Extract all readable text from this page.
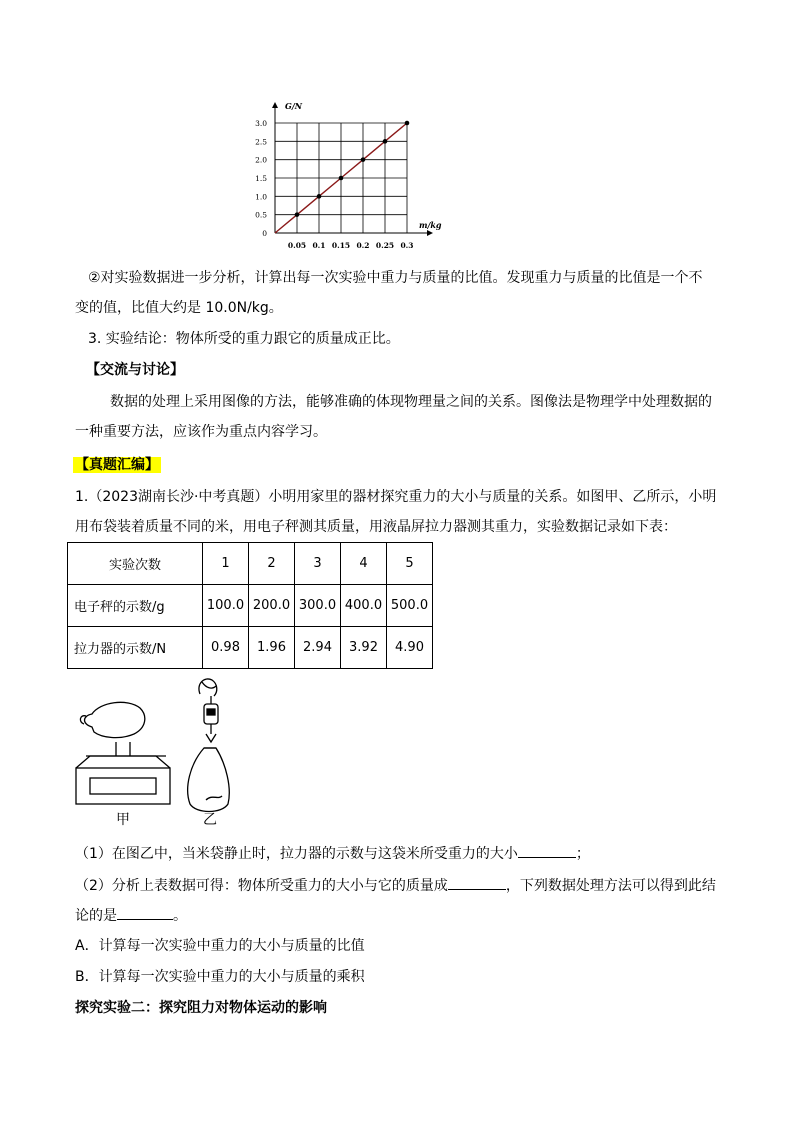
0.05 0.1 0.15 0.2 0.25 0.3
0
0.5
1.0
1.5
2.0
2.5
3.0
G/N
m/kg
②对实验数据进一步分析，计算出每一次实验中重力与质量的比值。发现重力与质量的比值是一个不
变的值，比值大约是 10.0N/kg。
3. 实验结论：物体所受的重力跟它的质量成正比。
【交流与讨论】
数据的处理上采用图像的方法，能够准确的体现物理量之间的关系。图像法是物理学中处理数据的
一种重要方法，应该作为重点内容学习。
【真题汇编】
1.（2023湖南长沙·中考真题）小明用家里的器材探究重力的大小与质量的关系。如图甲、乙所示，小明
用布袋装着质量不同的米，用电子秤测其质量，用液晶屏拉力器测其重力，实验数据记录如下表：
实验次数	1	2	3	4	5
电子秤的示数/g	100.0	200.0	300.0	400.0	500.0
拉力器的示数/N	0.98	1.96	2.94	3.92	4.90
甲	乙
（1）在图乙中，当米袋静止时，拉力器的示数与这袋米所受重力的大小	；
（2）分析上表数据可得：物体所受重力的大小与它的质量成	，下列数据处理方法可以得到此结
论的是	。
A．计算每一次实验中重力的大小与质量的比值
B．计算每一次实验中重力的大小与质量的乘积
探究实验二：探究阻力对物体运动的影响
